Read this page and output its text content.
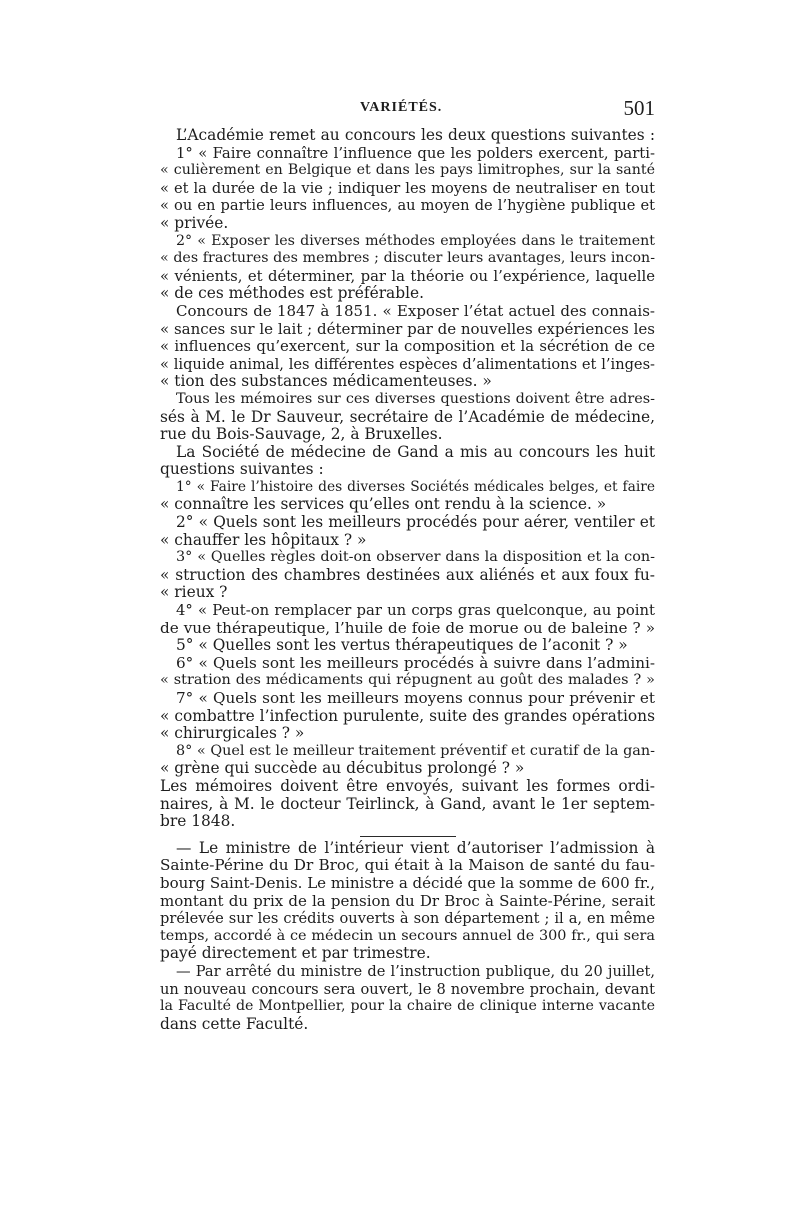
VARIÉTÉS.	501
L’Académie remet au concours les deux questions suivantes :
1° « Faire connaître l’influence que les polders exercent, parti-
« culièrement en Belgique et dans les pays limitrophes, sur la santé
« et la durée de la vie ; indiquer les moyens de neutraliser en tout
« ou en partie leurs influences, au moyen de l’hygiène publique et
« privée.
2° « Exposer les diverses méthodes employées dans le traitement
« des fractures des membres ; discuter leurs avantages, leurs incon-
« vénients, et déterminer, par la théorie ou l’expérience, laquelle
« de ces méthodes est préférable.
Concours de 1847 à 1851. « Exposer l’état actuel des connais-
« sances sur le lait ; déterminer par de nouvelles expériences les
« influences qu’exercent, sur la composition et la sécrétion de ce
« liquide animal, les différentes espèces d’alimentations et l’inges-
« tion des substances médicamenteuses. »
Tous les mémoires sur ces diverses questions doivent être adres-
sés à M. le Dr Sauveur, secrétaire de l’Académie de médecine,
rue du Bois-Sauvage, 2, à Bruxelles.
La Société de médecine de Gand a mis au concours les huit
questions suivantes :
1° « Faire l’histoire des diverses Sociétés médicales belges, et faire
« connaître les services qu’elles ont rendu à la science. »
2° « Quels sont les meilleurs procédés pour aérer, ventiler et
« chauffer les hôpitaux ? »
3° « Quelles règles doit-on observer dans la disposition et la con-
« struction des chambres destinées aux aliénés et aux foux fu-
« rieux ?
4° « Peut-on remplacer par un corps gras quelconque, au point
de vue thérapeutique, l’huile de foie de morue ou de baleine ? »
5° « Quelles sont les vertus thérapeutiques de l’aconit ? »
6° « Quels sont les meilleurs procédés à suivre dans l’admini-
« stration des médicaments qui répugnent au goût des malades ? »
7° « Quels sont les meilleurs moyens connus pour prévenir et
« combattre l’infection purulente, suite des grandes opérations
« chirurgicales ? »
8° « Quel est le meilleur traitement préventif et curatif de la gan-
« grène qui succède au décubitus prolongé ? »
Les mémoires doivent être envoyés, suivant les formes ordi-
naires, à M. le docteur Teirlinck, à Gand, avant le 1er septem-
bre 1848.
— Le ministre de l’intérieur vient d’autoriser l’admission à
Sainte-Périne du Dr Broc, qui était à la Maison de santé du fau-
bourg Saint-Denis. Le ministre a décidé que la somme de 600 fr.,
montant du prix de la pension du Dr Broc à Sainte-Périne, serait
prélevée sur les crédits ouverts à son département ; il a, en même
temps, accordé à ce médecin un secours annuel de 300 fr., qui sera
payé directement et par trimestre.
— Par arrêté du ministre de l’instruction publique, du 20 juillet,
un nouveau concours sera ouvert, le 8 novembre prochain, devant
la Faculté de Montpellier, pour la chaire de clinique interne vacante
dans cette Faculté.
